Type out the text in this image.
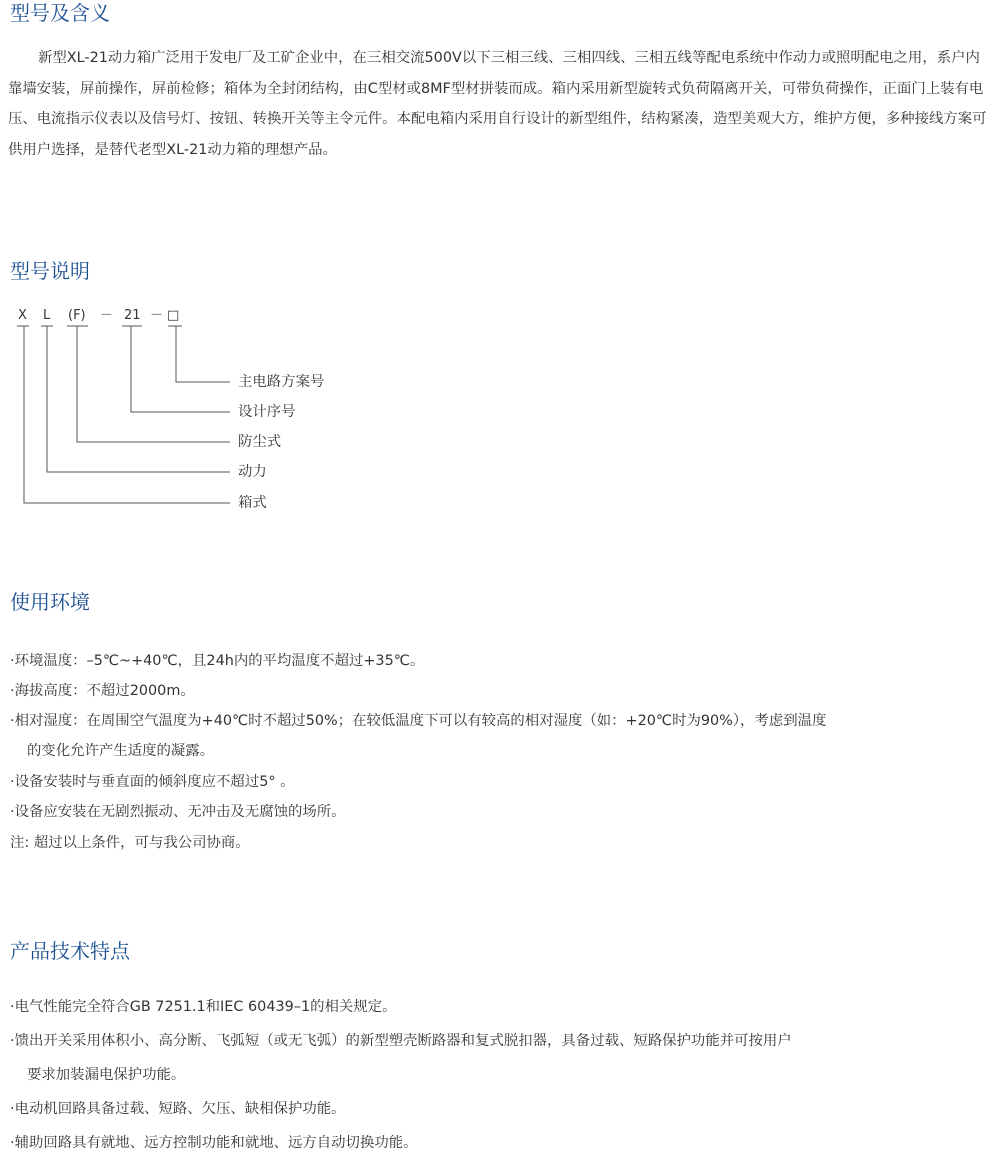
型号及含义

新型XL-21动力箱广泛用于发电厂及工矿企业中，在三相交流500V以下三相三线、三相四线、三相五线等配电系统中作动力或照明配电之用，系户内靠墙安装，屏前操作，屏前检修；箱体为全封闭结构，由C型材或8MF型材拼装而成。箱内采用新型旋转式负荷隔离开关，可带负荷操作，正面门上装有电压、电流指示仪表以及信号灯、按钮、转换开关等主令元件。本配电箱内采用自行设计的新型组件，结构紧凑，造型美观大方，维护方便，多种接线方案可供用户选择，是替代老型XL-21动力箱的理想产品。

型号说明
X L (F) － 21 － □
主电路方案号
设计序号
防尘式
动力
箱式
使用环境

·环境温度：–5℃~+40℃，且24h内的平均温度不超过+35℃。

·海拔高度：不超过2000m。

·相对湿度：在周围空气温度为+40℃时不超过50%；在较低温度下可以有较高的相对湿度（如：+20℃时为90%），考虑到温度

的变化允许产生适度的凝露。

·设备安装时与垂直面的倾斜度应不超过5° 。

·设备应安装在无剧烈振动、无冲击及无腐蚀的场所。

注: 超过以上条件，可与我公司协商。

产品技术特点

·电气性能完全符合GB 7251.1和IEC 60439–1的相关规定。

·馈出开关采用体积小、高分断、飞弧短（或无飞弧）的新型塑壳断路器和复式脱扣器，具备过载、短路保护功能并可按用户

要求加装漏电保护功能。

·电动机回路具备过载、短路、欠压、缺相保护功能。

·辅助回路具有就地、远方控制功能和就地、远方自动切换功能。
